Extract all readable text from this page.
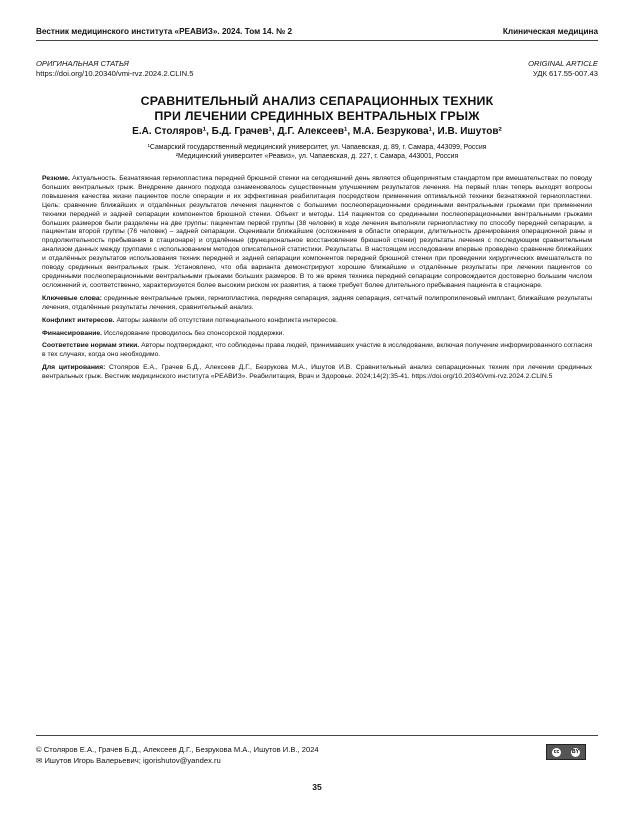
Вестник медицинского института «РЕАВИЗ». 2024. Том 14. № 2	Клиническая медицина
ОРИГИНАЛЬНАЯ СТАТЬЯ
https://doi.org/10.20340/vmi-rvz.2024.2.CLIN.5
ORIGINAL ARTICLE
УДК 617.55-007.43
СРАВНИТЕЛЬНЫЙ АНАЛИЗ СЕПАРАЦИОННЫХ ТЕХНИК
ПРИ ЛЕЧЕНИИ СРЕДИННЫХ ВЕНТРАЛЬНЫХ ГРЫЖ
Е.А. Столяров¹, Б.Д. Грачев¹, Д.Г. Алексеев¹, М.А. Безрукова¹, И.В. Ишутов²
¹Самарский государственный медицинский университет, ул. Чапаевская, д. 89, г. Самара, 443099, Россия
²Медицинский университет «Реавиз», ул. Чапаевская, д. 227, г. Самара, 443001, Россия

Резюме. Актуальность. Безнатяжная герниопластика передней брюшной стенки на сегодняшний день является общепринятым стандартом при вмешательствах по поводу больших вентральных грыж. Внедрение данного подхода ознаменовалось существенным улучшением результатов лечения. На первый план теперь выходят вопросы повышения качества жизни пациентов после операции и их эффективная реабилитация посредством применения оптимальной техники безнатяжной герниопластики. Цель: сравнение ближайших и отдалённых результатов лечения пациентов с большими послеоперационными срединными вентральными грыжами при применении техники передней и задней сепарации компонентов брюшной стенки. Объект и методы. 114 пациентов со срединными послеоперационными вентральными грыжами больших размеров были разделены на две группы: пациентам первой группы (38 человек) в ходе лечения выполняли герниопластику по способу передней сепарации, а пациентам второй группы (76 человек) – задней сепарации. Оценивали ближайшие (осложнения в области операции, длительность дренирования операционной раны и продолжительность пребывания в стационаре) и отдалённые (функциональное восстановление брюшной стенки) результаты лечения с последующим сравнительным анализом данных между группами с использованием методов описательной статистики. Результаты. В настоящем исследовании впервые проведено сравнение ближайших и отдалённых результатов использования техник передней и задней сепарации компонентов передней брюшной стенки при проведении хирургических вмешательств по поводу срединных вентральных грыж. Установлено, что оба варианта демонстрируют хорошие ближайшие и отдалённые результаты при лечении пациентов со срединными послеоперационными вентральными грыжами больших размеров. В то же время техника передней сепарации сопровождается достоверно большим числом осложнений и, соответственно, характеризуется более высоким риском их развития, а также требует более длительного пребывания пациента в стационаре.

Ключевые слова: срединные вентральные грыжи, герниопластика, передняя сепарация, задняя сепарация, сетчатый полипропиленовый имплант, ближайшие результаты лечения, отдалённые результаты лечения, сравнительный анализ.

Конфликт интересов. Авторы заявили об отсутствии потенциального конфликта интересов.

Финансирование. Исследование проводилось без спонсорской поддержки.

Соответствие нормам этики. Авторы подтверждают, что соблюдены права людей, принимавших участие в исследовании, включая получение информированного согласия в тех случаях, когда оно необходимо.

Для цитирования: Столяров Е.А., Грачев Б.Д., Алексеев Д.Г., Безрукова М.А., Ишутов И.В. Сравнительный анализ сепарационных техник при лечении срединных вентральных грыж. Вестник медицинского института «РЕАВИЗ». Реабилитация, Врач и Здоровье. 2024;14(2):35-41. https://doi.org/10.20340/vmi-rvz.2024.2.CLIN.5

© Столяров Е.А., Грачев Б.Д., Алексеев Д.Г., Безрукова М.А., Ишутов И.В., 2024
✉ Ишутов Игорь Валерьевич; igorishutov@yandex.ru
cc	BY
35
